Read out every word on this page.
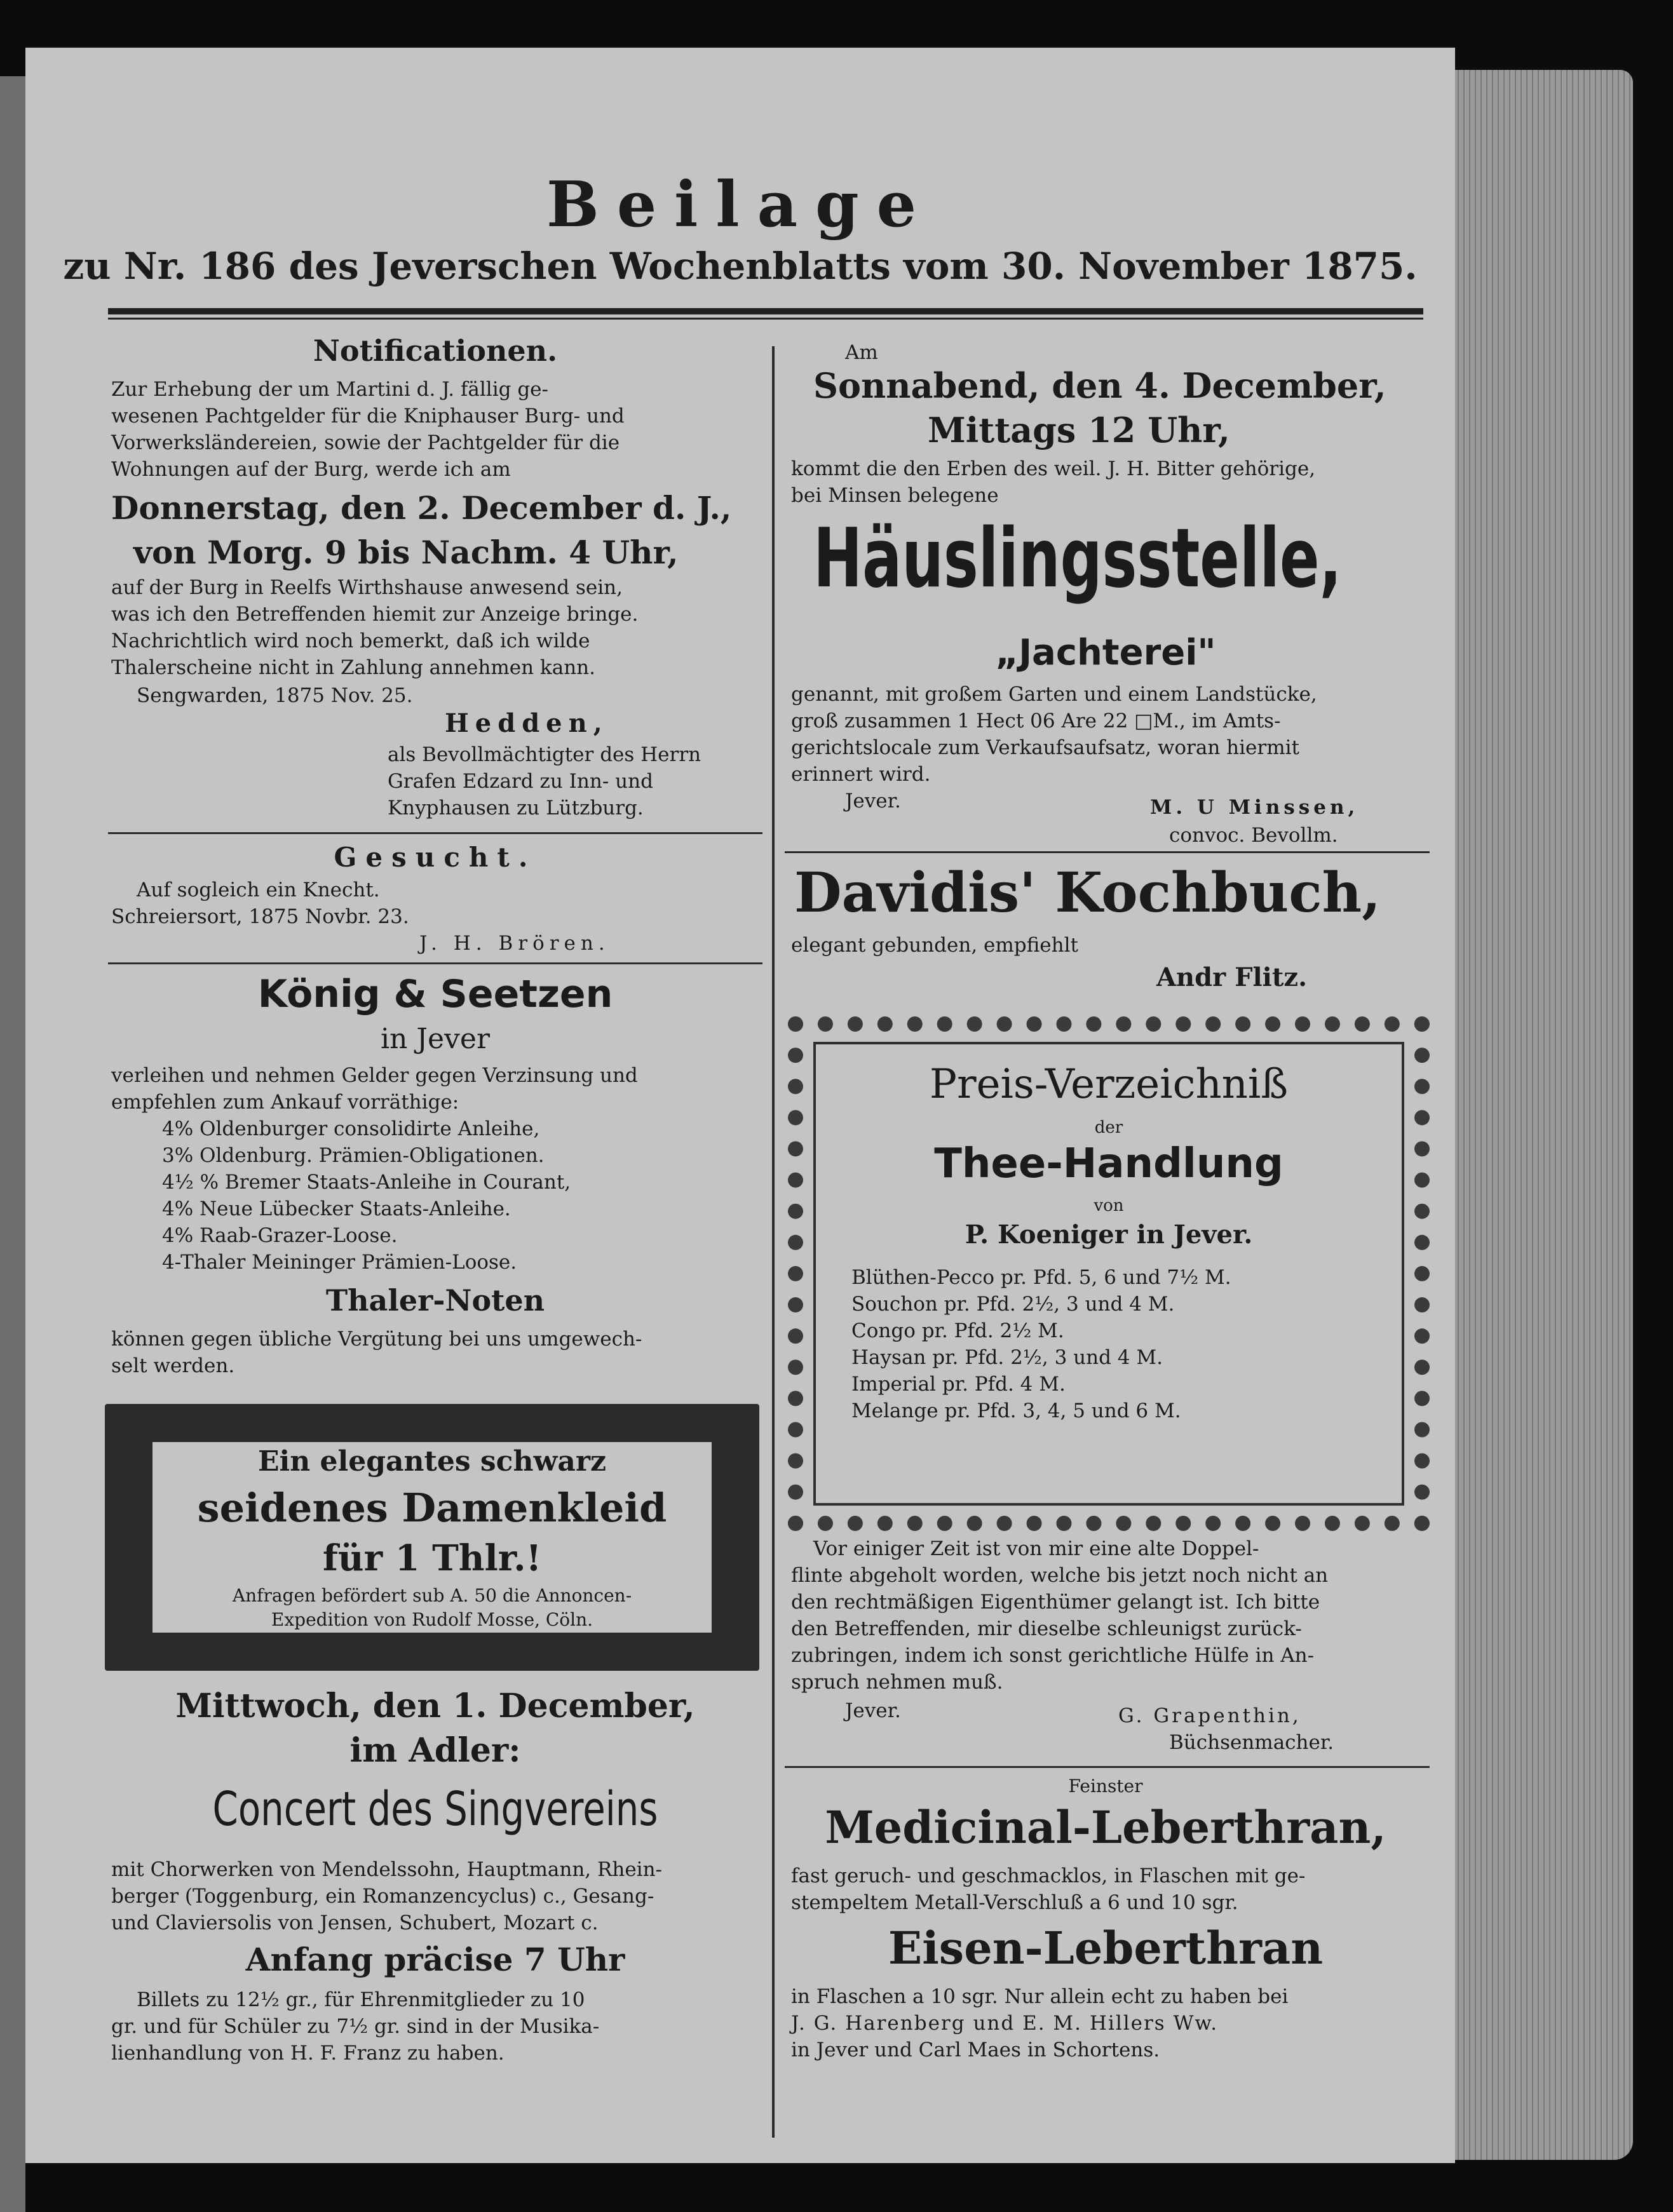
Beilage
zu Nr. 186 des Jeverschen Wochenblatts vom 30. November 1875.
Notificationen.
Zur Erhebung der um Martini d. J. fällig ge-
wesenen Pachtgelder für die Kniphauser Burg- und
Vorwerksländereien, sowie der Pachtgelder für die
Wohnungen auf der Burg, werde ich am
Donnerstag, den 2. December d. J.,
von Morg. 9 bis Nachm. 4 Uhr,
auf der Burg in Reelfs Wirthshause anwesend sein,
was ich den Betreffenden hiemit zur Anzeige bringe.
Nachrichtlich wird noch bemerkt, daß ich wilde
Thalerscheine nicht in Zahlung annehmen kann.
Sengwarden, 1875 Nov. 25.
Hedden,
als Bevollmächtigter des Herrn
Grafen Edzard zu Inn- und
Knyphausen zu Lützburg.
Gesucht.
Auf sogleich ein Knecht.
Schreiersort, 1875 Novbr. 23.
J. H. Brören.
König & Seetzen
in Jever
verleihen und nehmen Gelder gegen Verzinsung und
empfehlen zum Ankauf vorräthige:
4% Oldenburger consolidirte Anleihe,
3% Oldenburg. Prämien-Obligationen.
4½ % Bremer Staats-Anleihe in Courant,
4% Neue Lübecker Staats-Anleihe.
4% Raab-Grazer-Loose.
4-Thaler Meininger Prämien-Loose.
Thaler-Noten
können gegen übliche Vergütung bei uns umgewech-
selt werden.
Ein elegantes schwarz
seidenes Damenkleid
für 1 Thlr.!
Anfragen befördert sub A. 50 die Annoncen-
Expedition von Rudolf Mosse, Cöln.
Mittwoch, den 1. December,
im Adler:
Concert des Singvereins
mit Chorwerken von Mendelssohn, Hauptmann, Rhein-
berger (Toggenburg, ein Romanzencyclus) c., Gesang-
und Claviersolis von Jensen, Schubert, Mozart c.
Anfang präcise 7 Uhr
Billets zu 12½ gr., für Ehrenmitglieder zu 10
gr. und für Schüler zu 7½ gr. sind in der Musika-
lienhandlung von H. F. Franz zu haben.
Am
Sonnabend, den 4. December,
Mittags 12 Uhr,
kommt die den Erben des weil. J. H. Bitter gehörige,
bei Minsen belegene
Häuslingsstelle,
„Jachterei"
genannt, mit großem Garten und einem Landstücke,
groß zusammen 1 Hect 06 Are 22 □M., im Amts-
gerichtslocale zum Verkaufsaufsatz, woran hiermit
erinnert wird.
Jever.	M. U Minssen,
convoc. Bevollm.
Davidis' Kochbuch,
elegant gebunden, empfiehlt
Andr Flitz.
Preis-Verzeichniß
der
Thee-Handlung
von
P. Koeniger in Jever.
Blüthen-Pecco pr. Pfd. 5, 6 und 7½ M.
Souchon pr. Pfd. 2½, 3 und 4 M.
Congo pr. Pfd. 2½ M.
Haysan pr. Pfd. 2½, 3 und 4 M.
Imperial pr. Pfd. 4 M.
Melange pr. Pfd. 3, 4, 5 und 6 M.
Vor einiger Zeit ist von mir eine alte Doppel-
flinte abgeholt worden, welche bis jetzt noch nicht an
den rechtmäßigen Eigenthümer gelangt ist. Ich bitte
den Betreffenden, mir dieselbe schleunigst zurück-
zubringen, indem ich sonst gerichtliche Hülfe in An-
spruch nehmen muß.
Jever.	G. Grapenthin,
Büchsenmacher.
Feinster
Medicinal-Leberthran,
fast geruch- und geschmacklos, in Flaschen mit ge-
stempeltem Metall-Verschluß a 6 und 10 sgr.
Eisen-Leberthran
in Flaschen a 10 sgr. Nur allein echt zu haben bei
J. G. Harenberg und E. M. Hillers Ww.
in Jever und Carl Maes in Schortens.
